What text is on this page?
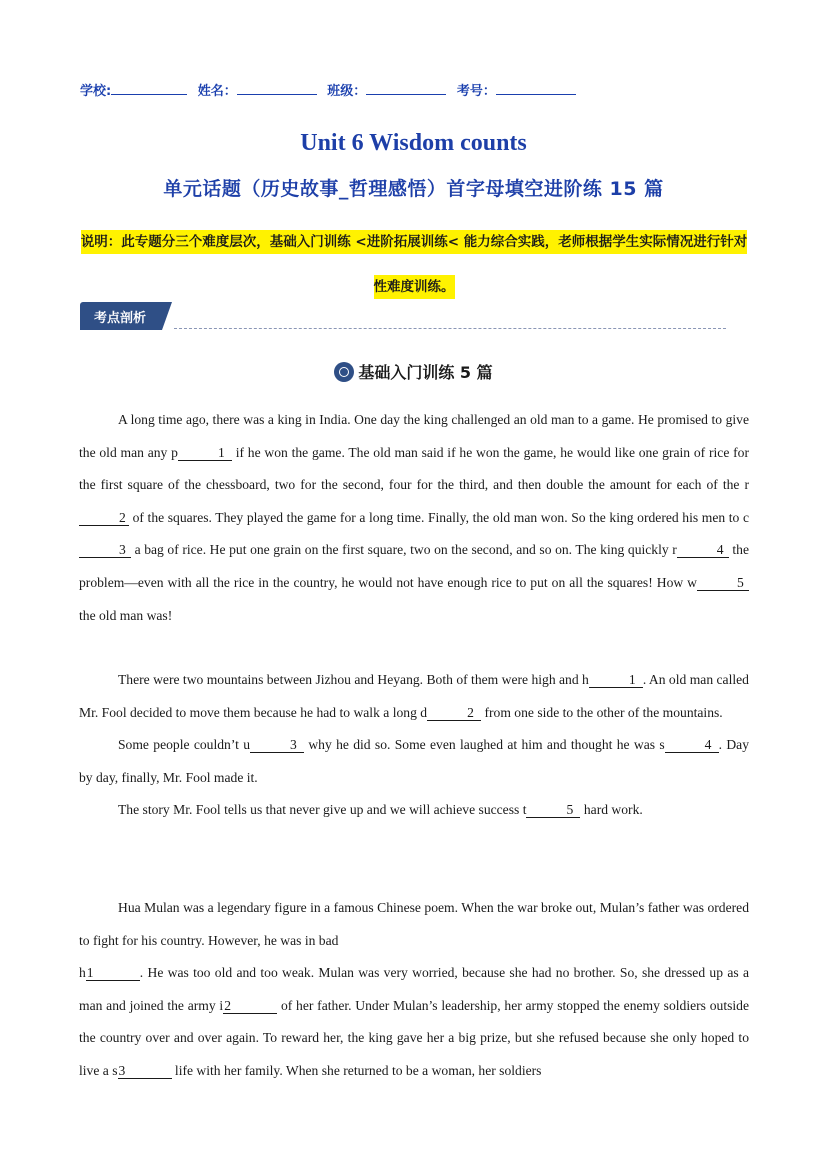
学校:	姓名：	班级：	考号：
Unit 6 Wisdom counts
单元话题（历史故事_哲理感悟）首字母填空进阶练 15 篇
说明：此专题分三个难度层次，基础入门训练 <进阶拓展训练< 能力综合实践，老师根据学生实际情况进行针对性难度训练。
考点剖析
基础入门训练 5 篇

A long time ago, there was a king in India. One day the king challenged an old man to a game. He promised to give the old man any p	1 if he won the game. The old man said if he won the game, he would like one grain of rice for the first square of the chessboard, two for the second, four for the third, and then double the amount for each of the r2 of the squares. They played the game for a long time. Finally, the old man won. So the king ordered his men to c3 a bag of rice. He put one grain on the first square, two on the second, and so on. The king quickly r	4 the problem—even with all the rice in the country, he would not have enough rice to put on all the squares! How w	5 the old man was!

There were two mountains between Jizhou and Heyang. Both of them were high and h	1 . An old man called Mr. Fool decided to move them because he had to walk a long d	2 from one side to the other of the mountains.

Some people couldn’t u	3 why he did so. Some even laughed at him and thought he was s	4 . Day by day, finally, Mr. Fool made it.

The story Mr. Fool tells us that never give up and we will achieve success t	5 hard work.

Hua Mulan was a legendary figure in a famous Chinese poem. When the war broke out, Mulan’s father was ordered to fight for his country. However, he was in bad

h1	. He was too old and too weak. Mulan was very worried, because she had no brother. So, she dressed up as a man and joined the army i2	of her father. Under Mulan’s leadership, her army stopped the enemy soldiers outside the country over and over again. To reward her, the king gave her a big prize, but she refused because she only hoped to live a s3	life with her family. When she returned to be a woman, her soldiers
